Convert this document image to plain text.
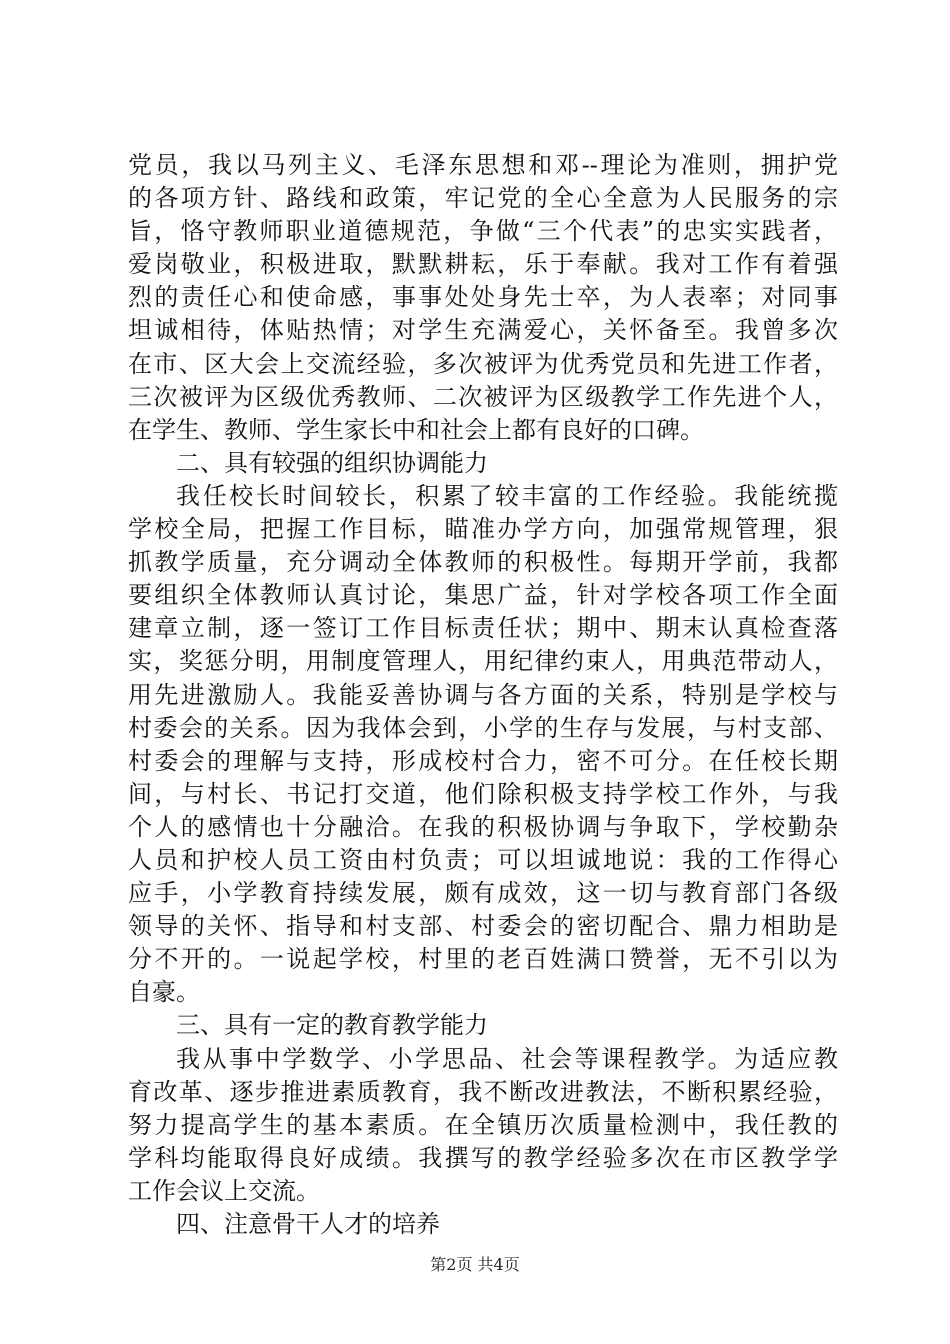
党员，我以马列主义、毛泽东思想和邓--理论为准则，拥护党
的各项方针、路线和政策，牢记党的全心全意为人民服务的宗
旨，恪守教师职业道德规范，争做“三个代表”的忠实实践者，
爱岗敬业，积极进取，默默耕耘，乐于奉献。我对工作有着强
烈的责任心和使命感，事事处处身先士卒，为人表率；对同事
坦诚相待，体贴热情；对学生充满爱心，关怀备至。我曾多次
在市、区大会上交流经验，多次被评为优秀党员和先进工作者，
三次被评为区级优秀教师、二次被评为区级教学工作先进个人，
在学生、教师、学生家长中和社会上都有良好的口碑。
二、具有较强的组织协调能力
我任校长时间较长，积累了较丰富的工作经验。我能统揽
学校全局，把握工作目标，瞄准办学方向，加强常规管理，狠
抓教学质量，充分调动全体教师的积极性。每期开学前，我都
要组织全体教师认真讨论，集思广益，针对学校各项工作全面
建章立制，逐一签订工作目标责任状；期中、期末认真检查落
实，奖惩分明，用制度管理人，用纪律约束人，用典范带动人，
用先进激励人。我能妥善协调与各方面的关系，特别是学校与
村委会的关系。因为我体会到，小学的生存与发展，与村支部、
村委会的理解与支持，形成校村合力，密不可分。在任校长期
间，与村长、书记打交道，他们除积极支持学校工作外，与我
个人的感情也十分融洽。在我的积极协调与争取下，学校勤杂
人员和护校人员工资由村负责；可以坦诚地说：我的工作得心
应手，小学教育持续发展，颇有成效，这一切与教育部门各级
领导的关怀、指导和村支部、村委会的密切配合、鼎力相助是
分不开的。一说起学校，村里的老百姓满口赞誉，无不引以为
自豪。
三、具有一定的教育教学能力
我从事中学数学、小学思品、社会等课程教学。为适应教
育改革、逐步推进素质教育，我不断改进教法，不断积累经验，
努力提高学生的基本素质。在全镇历次质量检测中，我任教的
学科均能取得良好成绩。我撰写的教学经验多次在市区教学学
工作会议上交流。
四、注意骨干人才的培养
第2页 共4页
